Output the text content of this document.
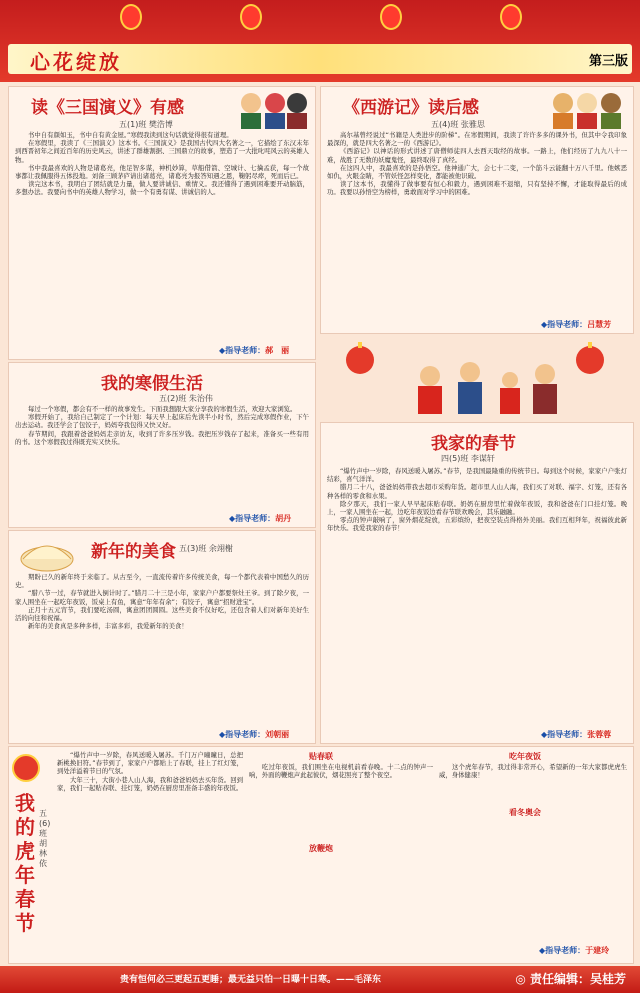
心花绽放	第三版
读《三国演义》有感
五(1)班 樊浩博

书中自有颜如玉，书中自有黄金屋。”寒假我读到这句话就觉得很有道理。

在寒假里，我读了《三国演义》这本书。《三国演义》是我国古代四大名著之一，它描绘了东汉末年到西晋初年之间近百年的历史风云，讲述了群雄割据、三国鼎立的故事，塑造了一大批叱咤风云的英雄人物。

书中我最喜欢的人物是诸葛亮，他足智多谋，神机妙算，草船借箭、空城计、七擒孟获，每一个故事都让我佩服得五体投地。刘备三顾茅庐请出诸葛亮，诸葛亮为报答知遇之恩，鞠躬尽瘁，死而后已。

读完这本书，我明白了团结就是力量，做人要讲诚信、重情义。我还懂得了遇到困难要开动脑筋，多想办法。我要向书中的英雄人物学习，做一个有勇有谋、讲诚信的人。

◆指导老师：郝　丽
《西游记》读后感
五(4)班 张雅思

高尔基曾经说过“书籍是人类进步的阶梯”。在寒假期间，我读了许许多多的课外书，但其中令我印象最深的，就是四大名著之一的《西游记》。

《西游记》以神话的形式讲述了唐僧师徒四人去西天取经的故事。一路上，他们经历了九九八十一难，战胜了无数的妖魔鬼怪，最终取得了真经。

在这四人中，我最喜欢的是孙悟空。他神通广大，会七十二变，一个筋斗云能翻十万八千里。他嫉恶如仇，火眼金睛，不管妖怪怎样变化，都能被他识破。

读了这本书，我懂得了做事要有恒心和毅力，遇到困难不退缩，只有坚持不懈，才能取得最后的成功。我要以孙悟空为榜样，勇敢面对学习中的困难。

◆指导老师：吕慧芳
我的寒假生活
五(2)班 朱治伟

每过一个寒假，都会有不一样的故事发生。下面我想跟大家分享我的寒假生活，欢迎大家浏览。

寒假开始了，我给自己制定了一个计划：每天早上起床后先读半小时书，然后完成寒假作业，下午出去运动。我还学会了包饺子，妈妈夸我包得又快又好。

春节期间，我跟着爸爸妈妈走亲访友，收到了许多压岁钱。我把压岁钱存了起来，准备买一些有用的书。这个寒假我过得既充实又快乐。

◆指导老师：胡丹
我家的春节
四(5)班 李谋轩

“爆竹声中一岁除，春风送暖入屠苏。”春节，是我国最隆重的传统节日。每到这个时候，家家户户张灯结彩，喜气洋洋。

腊月二十八，爸爸妈妈带我去超市采购年货。超市里人山人海，我们买了对联、福字、灯笼，还有各种各样的零食和水果。

除夕那天，我们一家人早早起床贴春联。奶奶在厨房里忙着做年夜饭，我和爸爸在门口挂灯笼。晚上，一家人围坐在一起，边吃年夜饭边看春节联欢晚会，其乐融融。

零点的钟声敲响了，窗外烟花绽放，五彩缤纷，把夜空装点得格外美丽。我们互相拜年，祝福彼此新年快乐。我爱我家的春节！

◆指导老师：张蓉蓉
新年的美食 五(3)班 余翊榭

期盼已久的新年终于来临了。从古至今，一直流传着许多传统美食，每一个都代表着中国愁久的历史。

“腊八节一过，春节就进入倒计时了。”腊月二十三是小年，家家户户都要祭灶王爷。到了除夕夜，一家人围坐在一起吃年夜饭，饭桌上有鱼，寓意“年年有余”；有饺子，寓意“招财进宝”。

正月十五元宵节，我们要吃汤圆，寓意团团圆圆。这些美食不仅好吃，还包含着人们对新年美好生活的向往和祝福。

新年的美食真是多种多样，丰富多彩，我爱新年的美食！

◆指导老师：刘朝丽
我的虎年春节
五(6)班 胡林依

“爆竹声中一岁除，春风送暖入屠苏。千门万户曈曈日，总把新桃换旧符。”春节到了，家家户户都贴上了春联，挂上了红灯笼，到处洋溢着节日的气氛。

大年三十，大街小巷人山人海，我和爸爸妈妈去买年货。回到家，我们一起贴春联、挂灯笼，奶奶在厨房里准备丰盛的年夜饭。

贴春联
放鞭炮

吃过年夜饭，我们围坐在电视机前看春晚。十二点的钟声一响，外面的鞭炮声此起彼伏，烟花照亮了整个夜空。

吃年夜饭
看冬奥会

这个虎年春节，我过得非常开心，希望新的一年大家都虎虎生威，身体健康！

◆指导老师：于建玲
贵有恒何必三更起五更睡；最无益只怕一日曝十日寒。——毛泽东	◎ 责任编辑：吴桂芳
